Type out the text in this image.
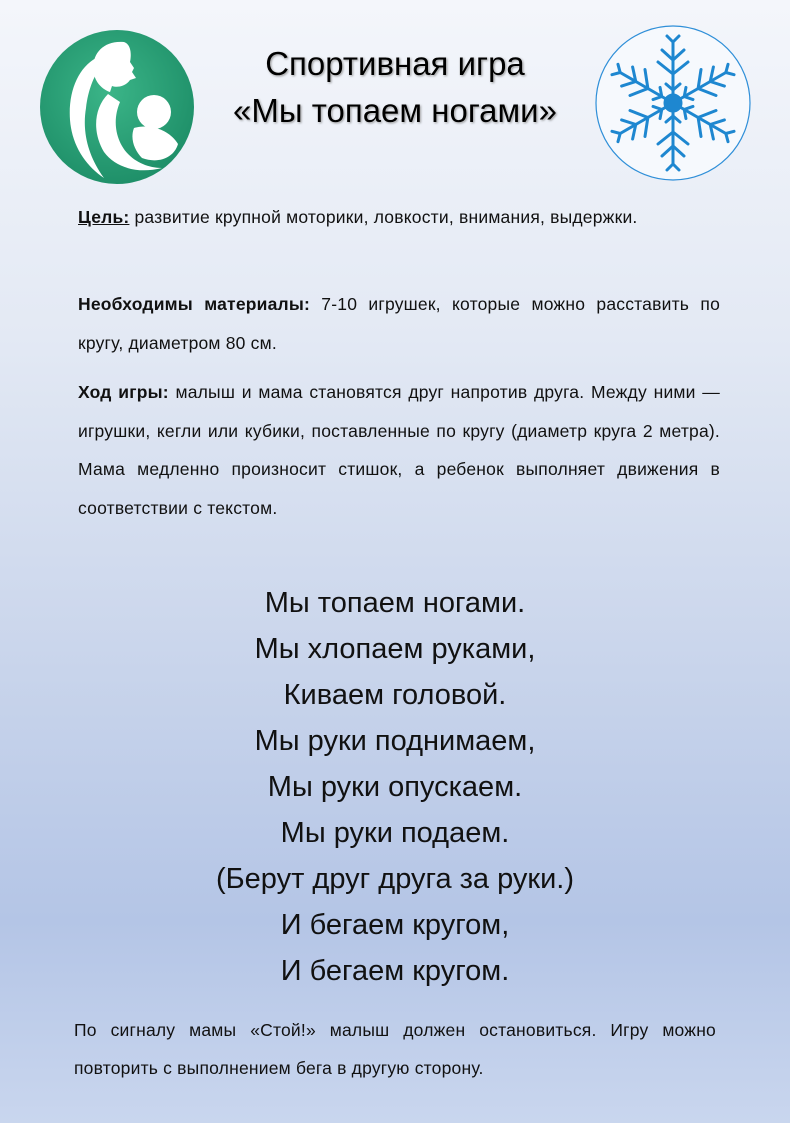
Спортивная игра
«Мы топаем ногами»

Цель: развитие крупной моторики, ловкости, внимания, выдержки.

Необходимы материалы: 7-10 игрушек, которые можно расставить по кругу, диаметром 80 см.

Ход игры: малыш и мама становятся друг напротив друга. Между ними — игрушки, кегли или кубики, поставленные по кругу (диаметр круга 2 метра). Мама медленно произносит стишок, а ребенок выполняет движения в соответствии с текстом.

Мы топаем ногами.
Мы хлопаем руками,
Киваем головой.
Мы руки поднимаем,
Мы руки опускаем.
Мы руки подаем.
(Берут друг друга за руки.)
И бегаем кругом,
И бегаем кругом.

По сигналу мамы «Стой!» малыш должен остановиться. Игру можно повторить с выполнением бега в другую сторону.
